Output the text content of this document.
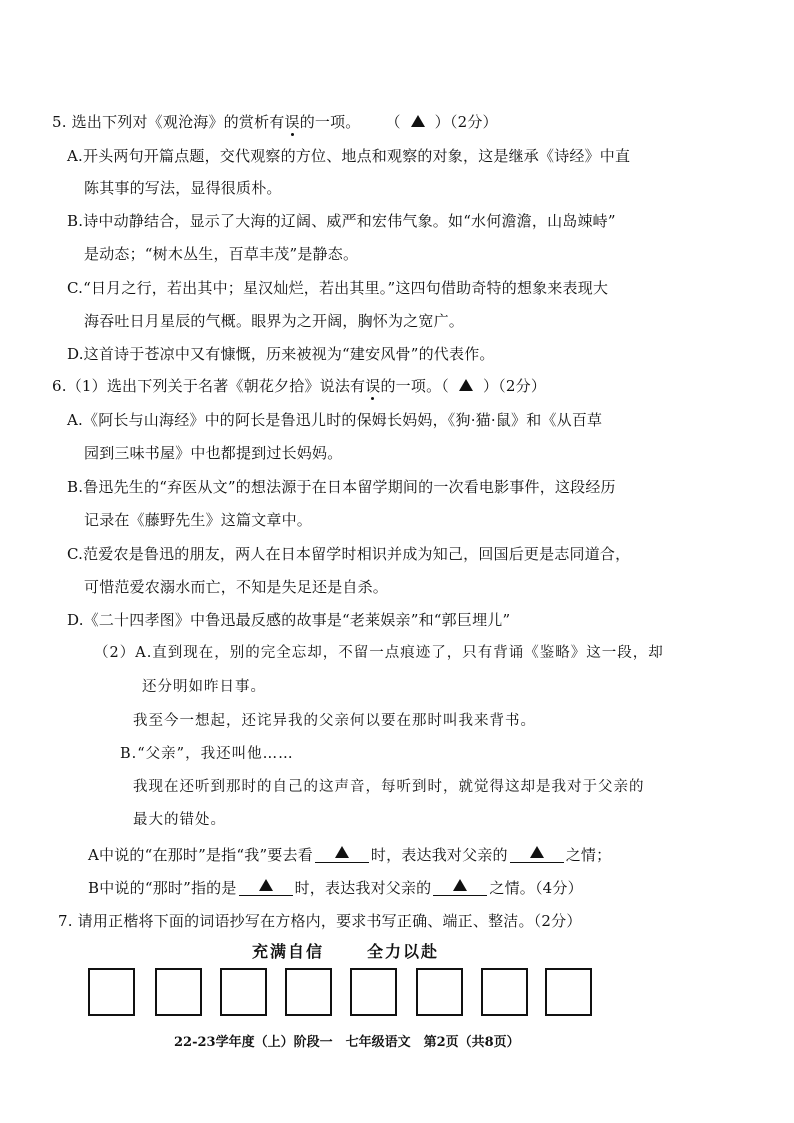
5. 选出下列对《观沧海》的赏析有误的一项。 （ ）（2分）
A.开头两句开篇点题，交代观察的方位、地点和观察的对象，这是继承《诗经》中直
陈其事的写法，显得很质朴。
B.诗中动静结合，显示了大海的辽阔、威严和宏伟气象。如“水何澹澹，山岛竦峙”
是动态；“树木丛生，百草丰茂”是静态。
C.“日月之行，若出其中；星汉灿烂，若出其里。”这四句借助奇特的想象来表现大
海吞吐日月星辰的气概。眼界为之开阔，胸怀为之宽广。
D.这首诗于苍凉中又有慷慨，历来被视为“建安风骨”的代表作。
6.（1）选出下列关于名著《朝花夕拾》说法有误的一项。（ ）（2分）
A.《阿长与山海经》中的阿长是鲁迅儿时的保姆长妈妈，《狗·猫·鼠》和《从百草
园到三味书屋》中也都提到过长妈妈。
B.鲁迅先生的“弃医从文”的想法源于在日本留学期间的一次看电影事件，这段经历
记录在《藤野先生》这篇文章中。
C.范爱农是鲁迅的朋友，两人在日本留学时相识并成为知己，回国后更是志同道合，
可惜范爱农溺水而亡，不知是失足还是自杀。
D.《二十四孝图》中鲁迅最反感的故事是“老莱娱亲”和“郭巨埋儿”
（2）A.直到现在，别的完全忘却，不留一点痕迹了，只有背诵《鉴略》这一段，却
还分明如昨日事。
我至今一想起，还诧异我的父亲何以要在那时叫我来背书。
B.“父亲”，我还叫他……
我现在还听到那时的自己的这声音，每听到时，就觉得这却是我对于父亲的
最大的错处。
A中说的“在那时”是指“我”要去看	时，表达我对父亲的	之情；
B中说的“那时”指的是	时，表达我对父亲的	之情。（4分）
7. 请用正楷将下面的词语抄写在方格内，要求书写正确、端正、整洁。（2分）
充满自信	全力以赴
22-23学年度（上）阶段一　七年级语文　第2页（共8页）
